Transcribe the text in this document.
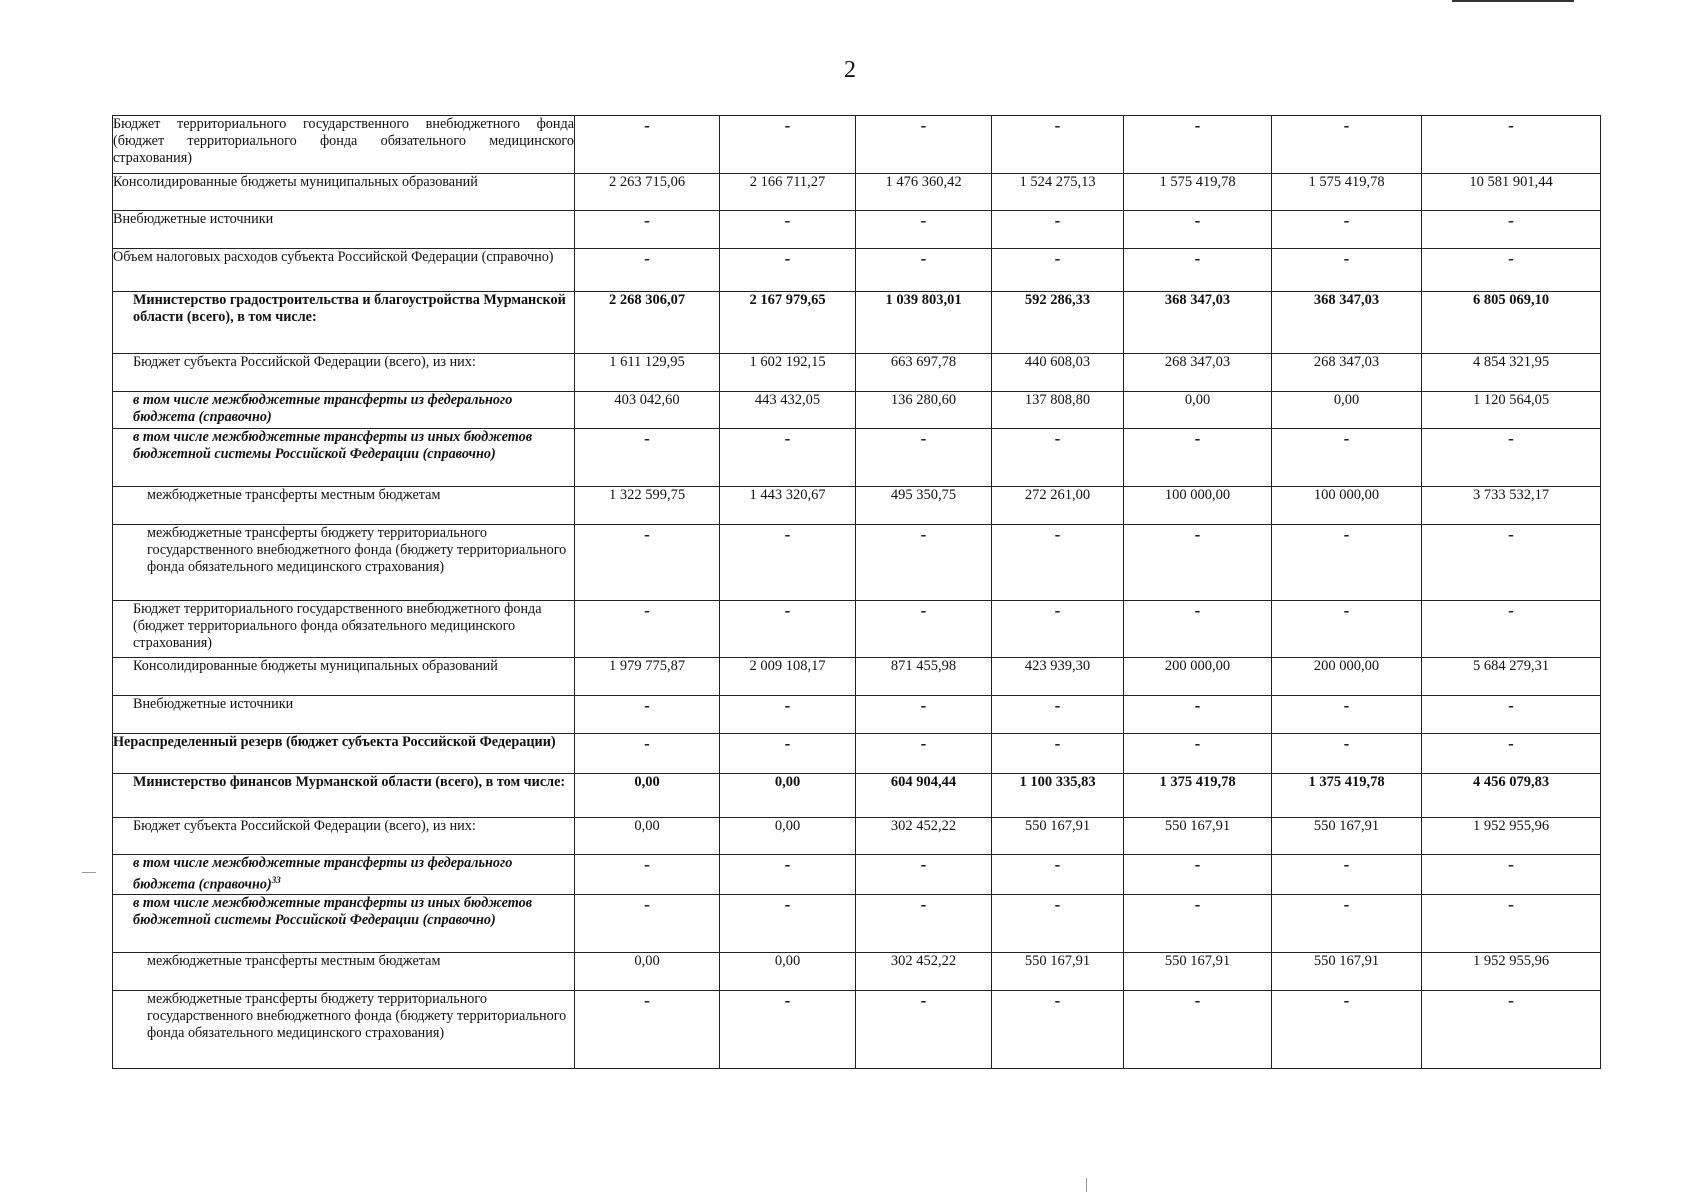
2
Бюджет территориального государственного внебюджетного фонда (бюджет территориального фонда обязательного медицинского страхования)	-	-	-	-	-	-	-
Консолидированные бюджеты муниципальных образований	2 263 715,06	2 166 711,27	1 476 360,42	1 524 275,13	1 575 419,78	1 575 419,78	10 581 901,44
Внебюджетные источники	-	-	-	-	-	-	-
Объем налоговых расходов субъекта Российской Федерации (справочно)	-	-	-	-	-	-	-
Министерство градостроительства и благоустройства Мурманской области (всего), в том числе:	2 268 306,07	2 167 979,65	1 039 803,01	592 286,33	368 347,03	368 347,03	6 805 069,10
Бюджет субъекта Российской Федерации (всего), из них:	1 611 129,95	1 602 192,15	663 697,78	440 608,03	268 347,03	268 347,03	4 854 321,95
в том числе межбюджетные трансферты из федерального бюджета (справочно)	403 042,60	443 432,05	136 280,60	137 808,80	0,00	0,00	1 120 564,05
в том числе межбюджетные трансферты из иных бюджетов бюджетной системы Российской Федерации (справочно)	-	-	-	-	-	-	-
межбюджетные трансферты местным бюджетам	1 322 599,75	1 443 320,67	495 350,75	272 261,00	100 000,00	100 000,00	3 733 532,17
межбюджетные трансферты бюджету территориального государственного внебюджетного фонда (бюджету территориального фонда обязательного медицинского страхования)	-	-	-	-	-	-	-
Бюджет территориального государственного внебюджетного фонда (бюджет территориального фонда обязательного медицинского страхования)	-	-	-	-	-	-	-
Консолидированные бюджеты муниципальных образований	1 979 775,87	2 009 108,17	871 455,98	423 939,30	200 000,00	200 000,00	5 684 279,31
Внебюджетные источники	-	-	-	-	-	-	-
Нераспределенный резерв (бюджет субъекта Российской Федерации)	-	-	-	-	-	-	-
Министерство финансов Мурманской области (всего), в том числе:	0,00	0,00	604 904,44	1 100 335,83	1 375 419,78	1 375 419,78	4 456 079,83
Бюджет субъекта Российской Федерации (всего), из них:	0,00	0,00	302 452,22	550 167,91	550 167,91	550 167,91	1 952 955,96
в том числе межбюджетные трансферты из федерального бюджета (справочно)$^{33}$	-	-	-	-	-	-	-
в том числе межбюджетные трансферты из иных бюджетов бюджетной системы Российской Федерации (справочно)	-	-	-	-	-	-	-
межбюджетные трансферты местным бюджетам	0,00	0,00	302 452,22	550 167,91	550 167,91	550 167,91	1 952 955,96
межбюджетные трансферты бюджету территориального государственного внебюджетного фонда (бюджету территориального фонда обязательного медицинского страхования)	-	-	-	-	-	-	-
